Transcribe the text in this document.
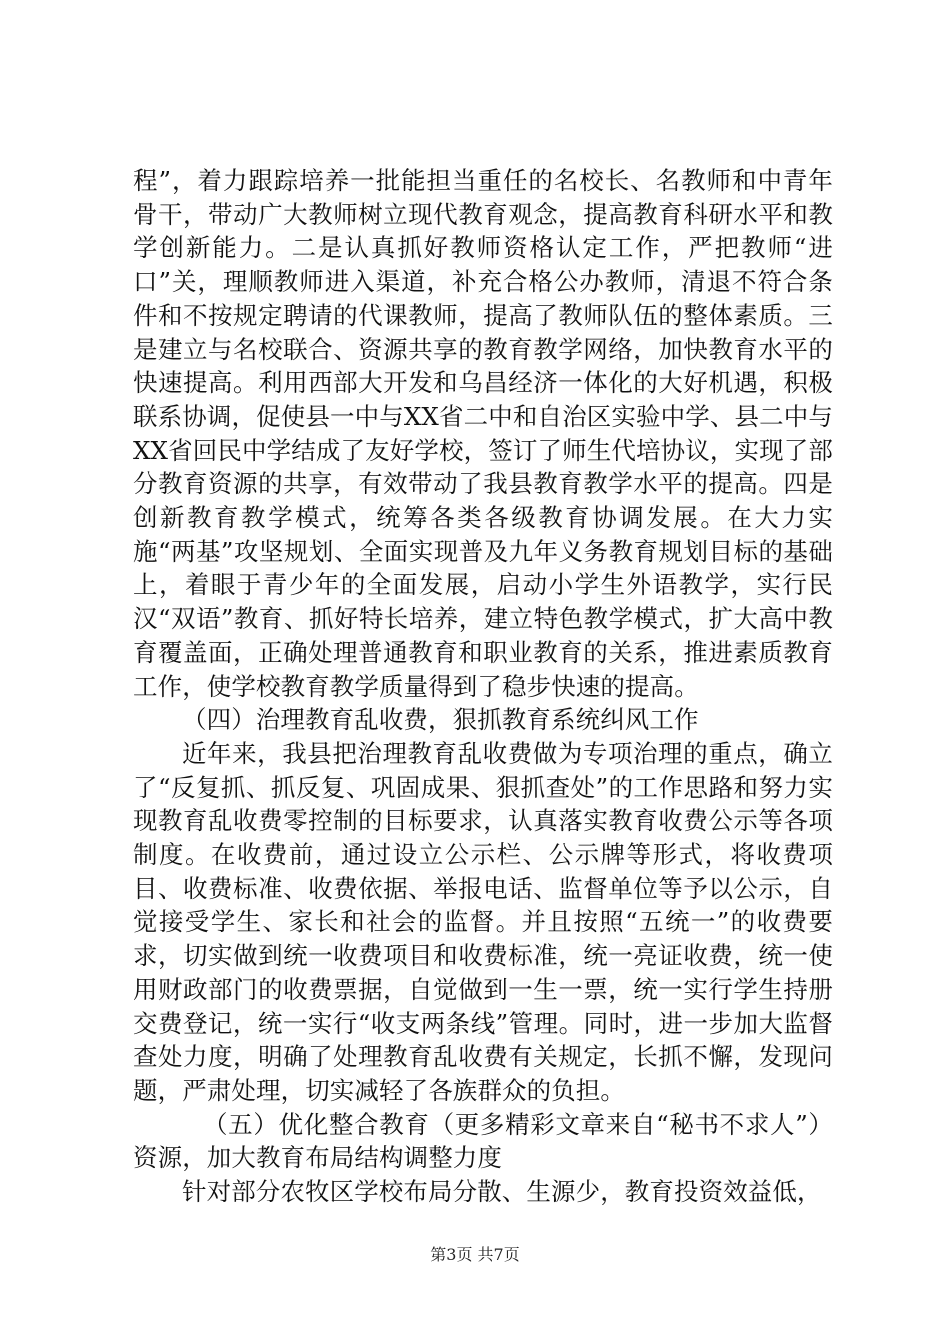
程”，着力跟踪培养一批能担当重任的名校长、名教师和中青年骨干，带动广大教师树立现代教育观念，提高教育科研水平和教学创新能力。二是认真抓好教师资格认定工作，严把教师“进口”关，理顺教师进入渠道，补充合格公办教师，清退不符合条件和不按规定聘请的代课教师，提高了教师队伍的整体素质。三是建立与名校联合、资源共享的教育教学网络，加快教育水平的快速提高。利用西部大开发和乌昌经济一体化的大好机遇，积极联系协调，促使县一中与XX省二中和自治区实验中学、县二中与XX省回民中学结成了友好学校，签订了师生代培协议，实现了部分教育资源的共享，有效带动了我县教育教学水平的提高。四是创新教育教学模式，统筹各类各级教育协调发展。在大力实施“两基”攻坚规划、全面实现普及九年义务教育规划目标的基础上，着眼于青少年的全面发展，启动小学生外语教学，实行民汉“双语”教育、抓好特长培养，建立特色教学模式，扩大高中教育覆盖面，正确处理普通教育和职业教育的关系，推进素质教育工作，使学校教育教学质量得到了稳步快速的提高。

（四）治理教育乱收费，狠抓教育系统纠风工作

近年来，我县把治理教育乱收费做为专项治理的重点，确立了“反复抓、抓反复、巩固成果、狠抓查处”的工作思路和努力实现教育乱收费零控制的目标要求，认真落实教育收费公示等各项制度。在收费前，通过设立公示栏、公示牌等形式，将收费项目、收费标准、收费依据、举报电话、监督单位等予以公示，自觉接受学生、家长和社会的监督。并且按照“五统一”的收费要求，切实做到统一收费项目和收费标准，统一亮证收费，统一使用财政部门的收费票据，自觉做到一生一票，统一实行学生持册交费登记，统一实行“收支两条线”管理。同时，进一步加大监督查处力度，明确了处理教育乱收费有关规定，长抓不懈，发现问题，严肃处理，切实减轻了各族群众的负担。

（五）优化整合教育（更多精彩文章来自“秘书不求人”）资源，加大教育布局结构调整力度

针对部分农牧区学校布局分散、生源少，教育投资效益低，

第3页 共7页
